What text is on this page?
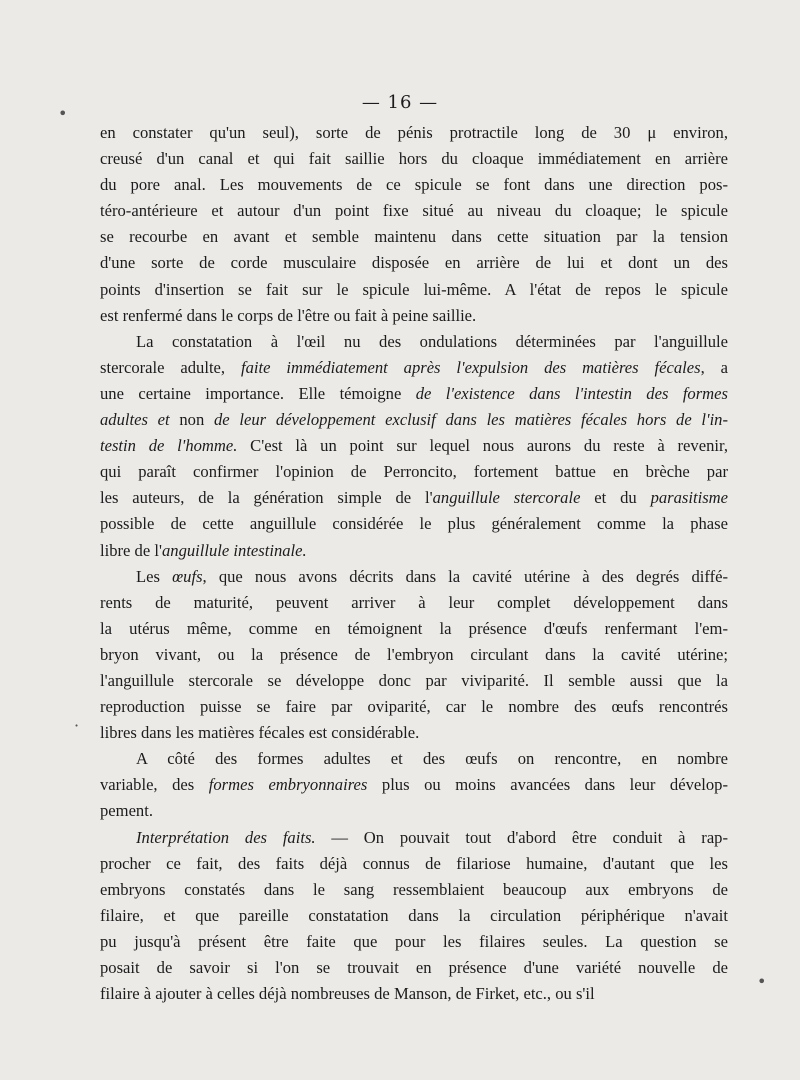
— 16 —
en constater qu'un seul), sorte de pénis protractile long de 30 μ environ,
creusé d'un canal et qui fait saillie hors du cloaque immédiatement en arrière
du pore anal. Les mouvements de ce spicule se font dans une direction pos-
téro-antérieure et autour d'un point fixe situé au niveau du cloaque; le spicule
se recourbe en avant et semble maintenu dans cette situation par la tension
d'une sorte de corde musculaire disposée en arrière de lui et dont un des
points d'insertion se fait sur le spicule lui-même. A l'état de repos le spicule
est renfermé dans le corps de l'être ou fait à peine saillie.
La constatation à l'œil nu des ondulations déterminées par l'anguillule
stercorale adulte, faite immédiatement après l'expulsion des matières fécales, a
une certaine importance. Elle témoigne de l'existence dans l'intestin des formes
adultes et non de leur développement exclusif dans les matières fécales hors de l'in-
testin de l'homme. C'est là un point sur lequel nous aurons du reste à revenir,
qui paraît confirmer l'opinion de Perroncito, fortement battue en brèche par
les auteurs, de la génération simple de l'anguillule stercorale et du parasitisme
possible de cette anguillule considérée le plus généralement comme la phase
libre de l'anguillule intestinale.
Les œufs, que nous avons décrits dans la cavité utérine à des degrés diffé-
rents de maturité, peuvent arriver à leur complet développement dans
la utérus même, comme en témoignent la présence d'œufs renfermant l'em-
bryon vivant, ou la présence de l'embryon circulant dans la cavité utérine;
l'anguillule stercorale se développe donc par viviparité. Il semble aussi que la
reproduction puisse se faire par oviparité, car le nombre des œufs rencontrés
libres dans les matières fécales est considérable.
A côté des formes adultes et des œufs on rencontre, en nombre
variable, des formes embryonnaires plus ou moins avancées dans leur dévelop-
pement.
Interprétation des faits. — On pouvait tout d'abord être conduit à rap-
procher ce fait, des faits déjà connus de filariose humaine, d'autant que les
embryons constatés dans le sang ressemblaient beaucoup aux embryons de
filaire, et que pareille constatation dans la circulation périphérique n'avait
pu jusqu'à présent être faite que pour les filaires seules. La question se
posait de savoir si l'on se trouvait en présence d'une variété nouvelle de
filaire à ajouter à celles déjà nombreuses de Manson, de Firket, etc., ou s'il
•
·
•
